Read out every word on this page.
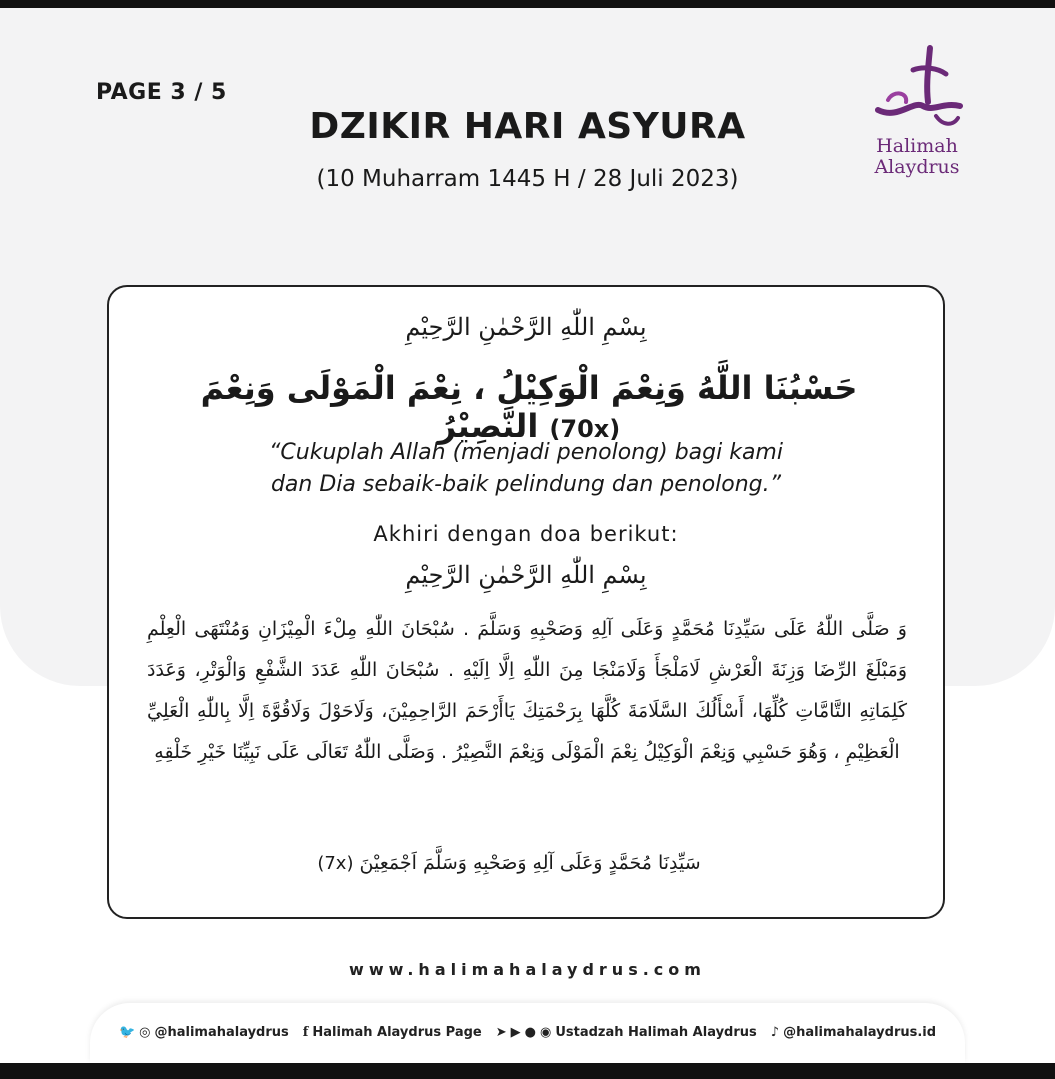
PAGE 3 / 5
DZIKIR HARI ASYURA
(10 Muharram 1445 H / 28 Juli 2023)
Halimah
Alaydrus
بِسْمِ اللّٰهِ الرَّحْمٰنِ الرَّحِيْمِ
حَسْبُنَا اللَّهُ وَنِعْمَ الْوَكِيْلُ ، نِعْمَ الْمَوْلَى وَنِعْمَ النَّصِيْرُ (70x)
“Cukuplah Allah (menjadi penolong) bagi kami
dan Dia sebaik-baik pelindung dan penolong.”
Akhiri dengan doa berikut:
بِسْمِ اللّٰهِ الرَّحْمٰنِ الرَّحِيْمِ
وَ صَلَّى اللّٰهُ عَلَى سَيِّدِنَا مُحَمَّدٍ وَعَلَى آلِهِ وَصَحْبِهِ وَسَلَّمَ . سُبْحَانَ اللّٰهِ مِلْءَ الْمِيْزَانِ وَمُنْتَهَى الْعِلْمِ وَمَبْلَغَ الرِّضَا وَزِنَةَ الْعَرْشِ لَامَلْجَأَ وَلَامَنْجَا مِنَ اللّٰهِ اِلَّا اِلَيْهِ . سُبْحَانَ اللّٰهِ عَدَدَ الشَّفْعِ وَالْوَتْرِ، وَعَدَدَ كَلِمَاتِهِ التَّامَّاتِ كُلِّهَا، أَسْأَلُكَ السَّلَامَةَ كُلَّهَا بِرَحْمَتِكَ يَاأَرْحَمَ الرَّاحِمِيْنَ، وَلَاحَوْلَ وَلَاقُوَّةَ اِلَّا بِاللّٰهِ الْعَلِيِّ الْعَظِيْمِ ، وَهُوَ حَسْبِي وَنِعْمَ الْوَكِيْلُ نِعْمَ الْمَوْلَى وَنِعْمَ النَّصِيْرُ . وَصَلَّى اللّٰهُ تَعَالَى عَلَى نَبِيِّنَا خَيْرِ خَلْقِهِ
(7x) سَيِّدِنَا مُحَمَّدٍ وَعَلَى آلِهِ وَصَحْبِهِ وَسَلَّمَ اَجْمَعِيْنَ
www.halimahalaydrus.com
🐦 ◎ @halimahalaydrus f Halimah Alaydrus Page ➤ ▶ ● ◉ Ustadzah Halimah Alaydrus ♪ @halimahalaydrus.id
